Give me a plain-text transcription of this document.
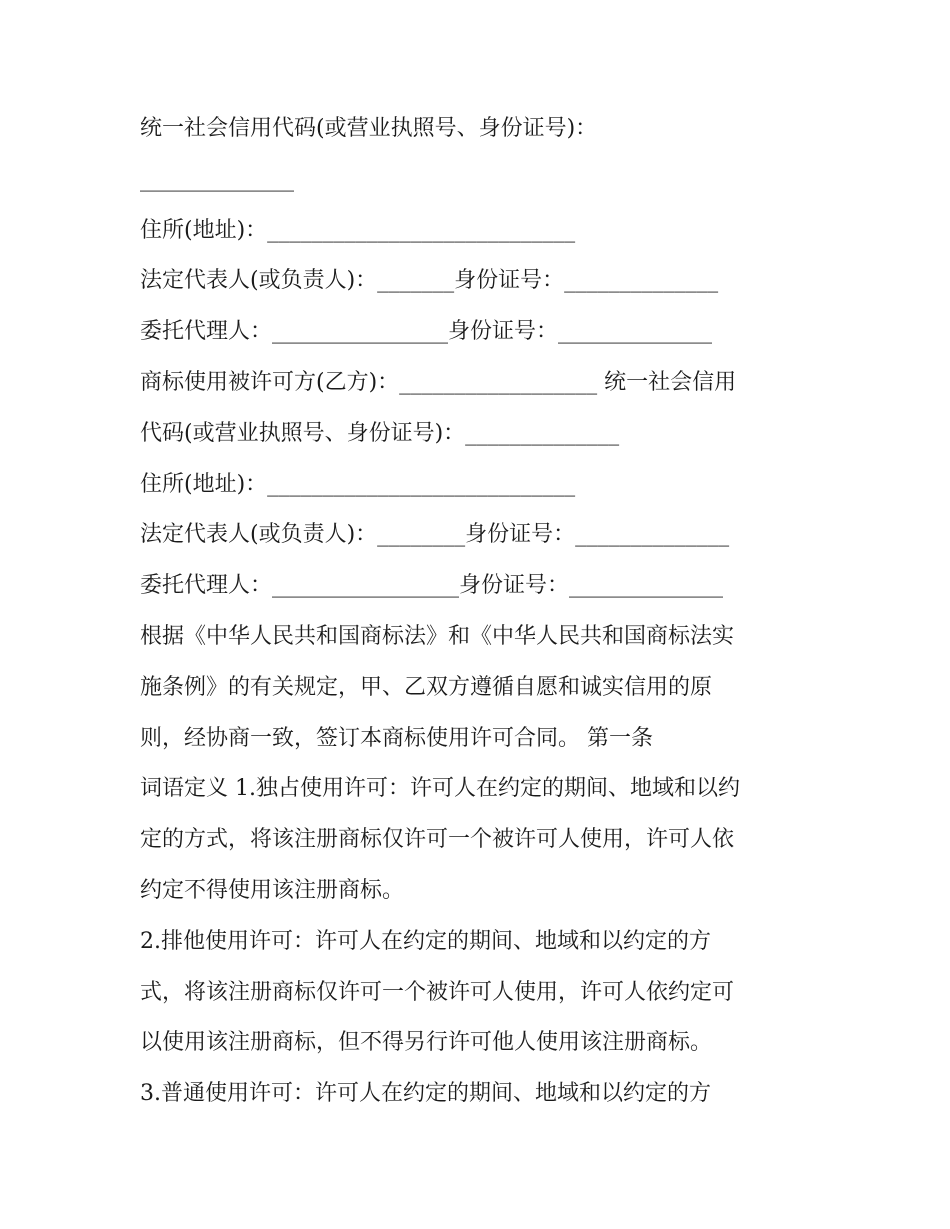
统一社会信用代码(或营业执照号、身份证号)：
______________
住所(地址)：____________________________
法定代表人(或负责人)：_______身份证号：______________
委托代理人：________________身份证号：______________
商标使用被许可方(乙方)：__________________ 统一社会信用
代码(或营业执照号、身份证号)：______________
住所(地址)：____________________________
法定代表人(或负责人)：________身份证号：______________
委托代理人：_________________身份证号：______________
根据《中华人民共和国商标法》和《中华人民共和国商标法实
施条例》的有关规定，甲、乙双方遵循自愿和诚实信用的原
则，经协商一致，签订本商标使用许可合同。 第一条
词语定义 1.独占使用许可：许可人在约定的期间、地域和以约
定的方式，将该注册商标仅许可一个被许可人使用，许可人依
约定不得使用该注册商标。
2.排他使用许可：许可人在约定的期间、地域和以约定的方
式，将该注册商标仅许可一个被许可人使用，许可人依约定可
以使用该注册商标，但不得另行许可他人使用该注册商标。
3.普通使用许可：许可人在约定的期间、地域和以约定的方
